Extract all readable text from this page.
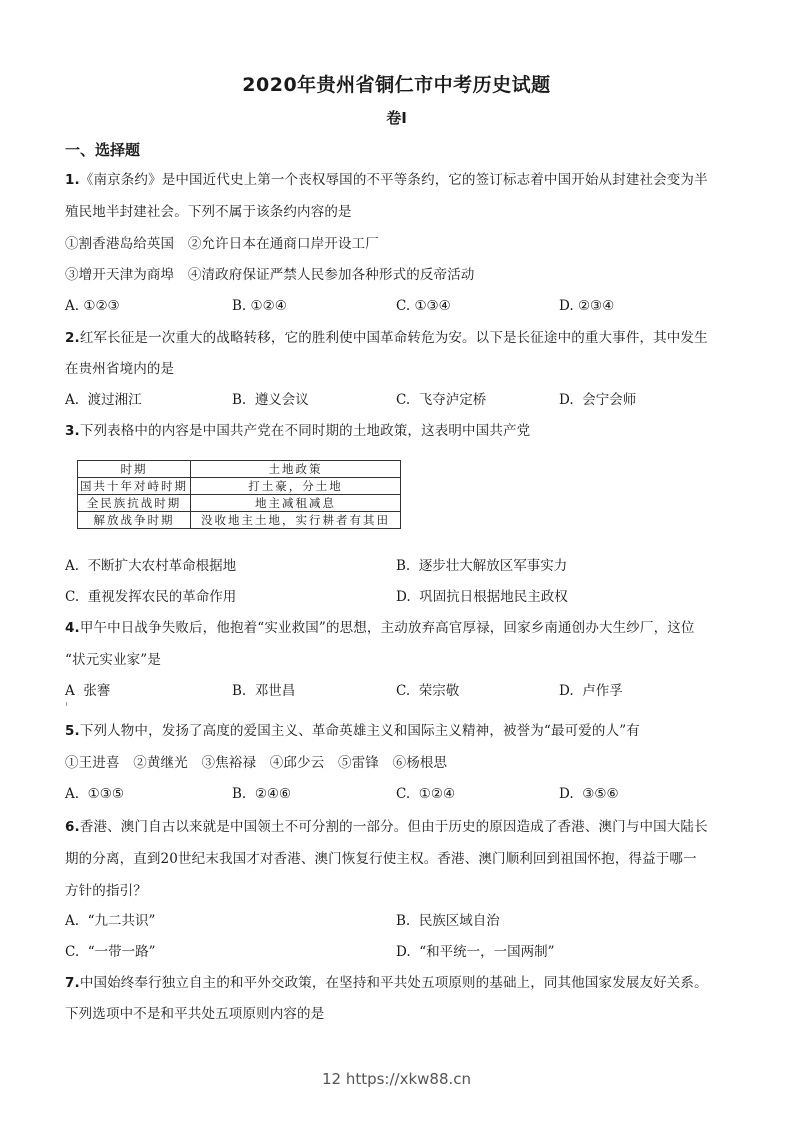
2020年贵州省铜仁市中考历史试题
卷I
一、选择题
1.《南京条约》是中国近代史上第一个丧权辱国的不平等条约，它的签订标志着中国开始从封建社会变为半
殖民地半封建社会。下列不属于该条约内容的是
①割香港岛给英国　②允许日本在通商口岸开设工厂
③增开天津为商埠　④清政府保证严禁人民参加各种形式的反帝活动
A. ①②③	B. ①②④	C. ①③④	D. ②③④
2.红军长征是一次重大的战略转移，它的胜利使中国革命转危为安。以下是长征途中的重大事件，其中发生
在贵州省境内的是
A. 渡过湘江	B. 遵义会议	C. 飞夺泸定桥	D. 会宁会师
3.下列表格中的内容是中国共产党在不同时期的土地政策，这表明中国共产党
时期	土地政策
国共十年对峙时期	打土豪，分土地
全民族抗战时期	地主减租减息
解放战争时期	没收地主土地，实行耕者有其田
A. 不断扩大农村革命根据地	B. 逐步壮大解放区军事实力
C. 重视发挥农民的革命作用	D. 巩固抗日根据地民主政权
4.甲午中日战争失败后，他抱着“实业救国”的思想，主动放弃高官厚禄，回家乡南通创办大生纱厂，这位
“状元实业家”是
A 张謇	B. 邓世昌	C. 荣宗敬	D. 卢作孚
5.下列人物中，发扬了高度的爱国主义、革命英雄主义和国际主义精神，被誉为“最可爱的人”有
①王进喜　②黄继光　③焦裕禄　④邱少云　⑤雷锋　⑥杨根思
A. ①③⑤	B. ②④⑥	C. ①②④	D. ③⑤⑥
6.香港、澳门自古以来就是中国领土不可分割的一部分。但由于历史的原因造成了香港、澳门与中国大陆长
期的分离，直到20世纪末我国才对香港、澳门恢复行使主权。香港、澳门顺利回到祖国怀抱，得益于哪一
方针的指引？
A. “九二共识”	B. 民族区域自治
C. “一带一路”	D. “和平统一，一国两制”
7.中国始终奉行独立自主的和平外交政策，在坚持和平共处五项原则的基础上，同其他国家发展友好关系。
下列选项中不是和平共处五项原则内容的是
12 https://xkw88.cn
